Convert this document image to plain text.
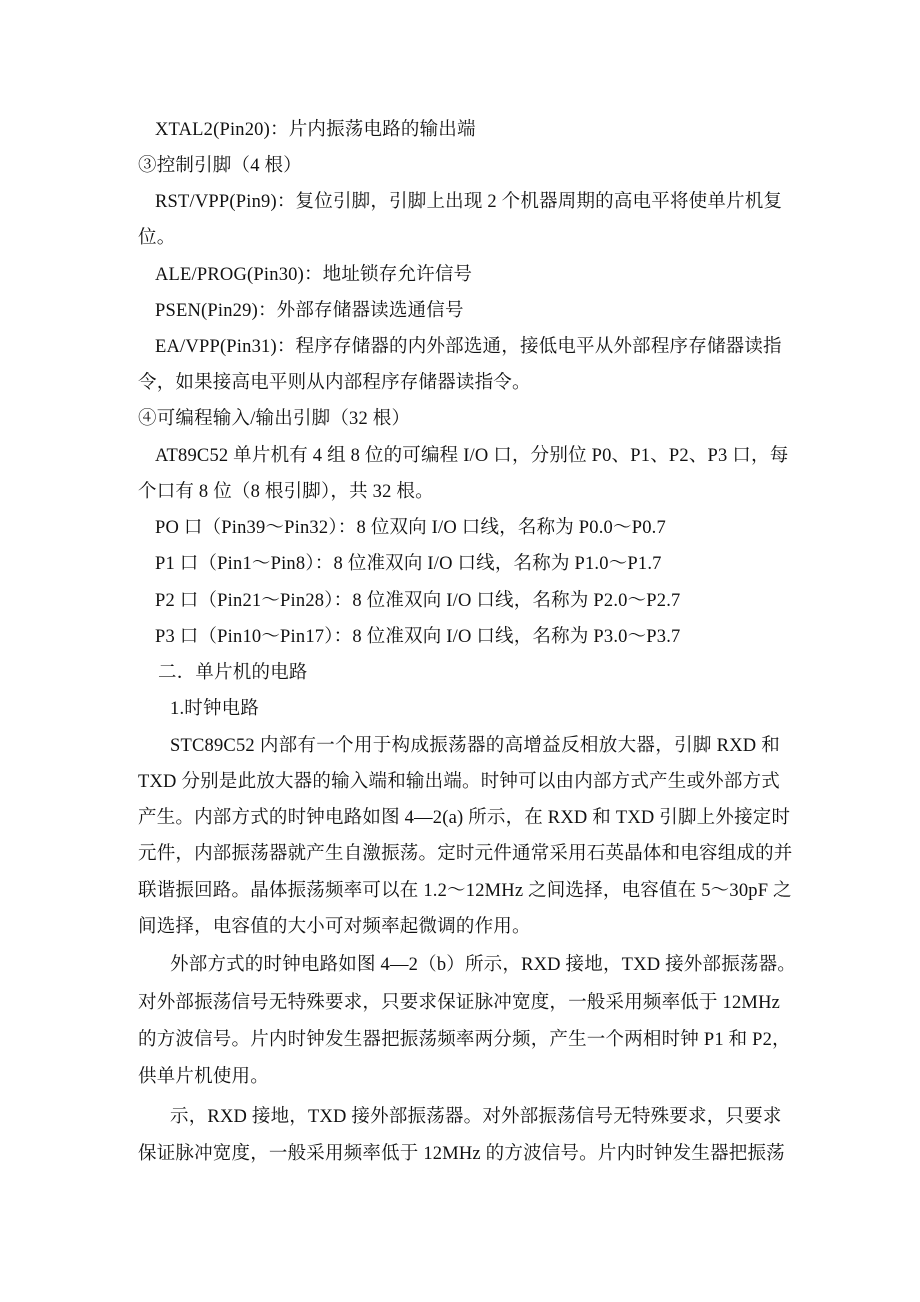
XTAL2(Pin20)：片内振荡电路的输出端
③控制引脚（4 根）
RST/VPP(Pin9)：复位引脚，引脚上出现 2 个机器周期的高电平将使单片机复
位。
ALE/PROG(Pin30)：地址锁存允许信号
PSEN(Pin29)：外部存储器读选通信号
EA/VPP(Pin31)：程序存储器的内外部选通，接低电平从外部程序存储器读指
令，如果接高电平则从内部程序存储器读指令。
④可编程输入/输出引脚（32 根）
AT89C52 单片机有 4 组 8 位的可编程 I/O 口，分别位 P0、P1、P2、P3 口，每
个口有 8 位（8 根引脚），共 32 根。
PO 口（Pin39～Pin32）：8 位双向 I/O 口线，名称为 P0.0～P0.7
P1 口（Pin1～Pin8）：8 位准双向 I/O 口线，名称为 P1.0～P1.7
P2 口（Pin21～Pin28）：8 位准双向 I/O 口线，名称为 P2.0～P2.7
P3 口（Pin10～Pin17）：8 位准双向 I/O 口线，名称为 P3.0～P3.7
二．单片机的电路
1.时钟电路
STC89C52 内部有一个用于构成振荡器的高增益反相放大器，引脚 RXD 和
TXD 分别是此放大器的输入端和输出端。时钟可以由内部方式产生或外部方式
产生。内部方式的时钟电路如图 4—2(a) 所示，在 RXD 和 TXD 引脚上外接定时
元件，内部振荡器就产生自激振荡。定时元件通常采用石英晶体和电容组成的并
联谐振回路。晶体振荡频率可以在 1.2～12MHz 之间选择，电容值在 5～30pF 之
间选择，电容值的大小可对频率起微调的作用。
外部方式的时钟电路如图 4—2（b）所示，RXD 接地，TXD 接外部振荡器。
对外部振荡信号无特殊要求，只要求保证脉冲宽度，一般采用频率低于 12MHz
的方波信号。片内时钟发生器把振荡频率两分频，产生一个两相时钟 P1 和 P2，
供单片机使用。
示，RXD 接地，TXD 接外部振荡器。对外部振荡信号无特殊要求，只要求
保证脉冲宽度，一般采用频率低于 12MHz 的方波信号。片内时钟发生器把振荡
